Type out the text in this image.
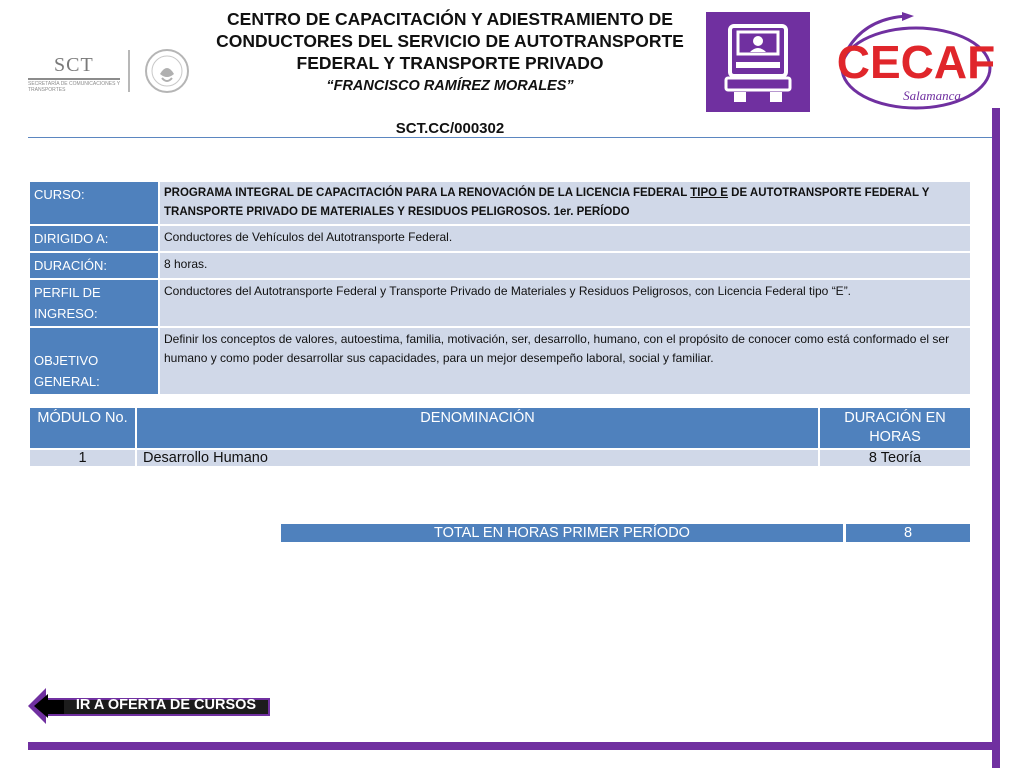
SCT
SECRETARÍA DE COMUNICACIONES Y TRANSPORTES
CENTRO DE CAPACITACIÓN Y ADIESTRAMIENTO DE
CONDUCTORES DEL SERVICIO DE AUTOTRANSPORTE
FEDERAL Y TRANSPORTE PRIVADO
“FRANCISCO RAMÍREZ MORALES”
SCT.CC/000302
CECAF
Salamanca
CURSO:	PROGRAMA INTEGRAL DE CAPACITACIÓN PARA LA RENOVACIÓN DE LA LICENCIA FEDERAL TIPO E DE AUTOTRANSPORTE FEDERAL Y TRANSPORTE PRIVADO DE MATERIALES Y RESIDUOS PELIGROSOS. 1er. PERÍODO
DIRIGIDO A:	Conductores de Vehículos del Autotransporte Federal.
DURACIÓN:	8 horas.
PERFIL DE INGRESO:	Conductores del Autotransporte Federal y Transporte Privado de Materiales y Residuos Peligrosos, con Licencia Federal tipo “E”.
OBJETIVO GENERAL:	Definir los conceptos de valores, autoestima, familia, motivación, ser, desarrollo, humano, con el propósito de conocer como está conformado el ser humano y como poder desarrollar sus capacidades, para un mejor desempeño laboral, social y familiar.
MÓDULO No.	DENOMINACIÓN	DURACIÓN EN HORAS
1	Desarrollo Humano	8 Teoría
TOTAL EN HORAS PRIMER PERÍODO	8
IR A OFERTA DE CURSOS
